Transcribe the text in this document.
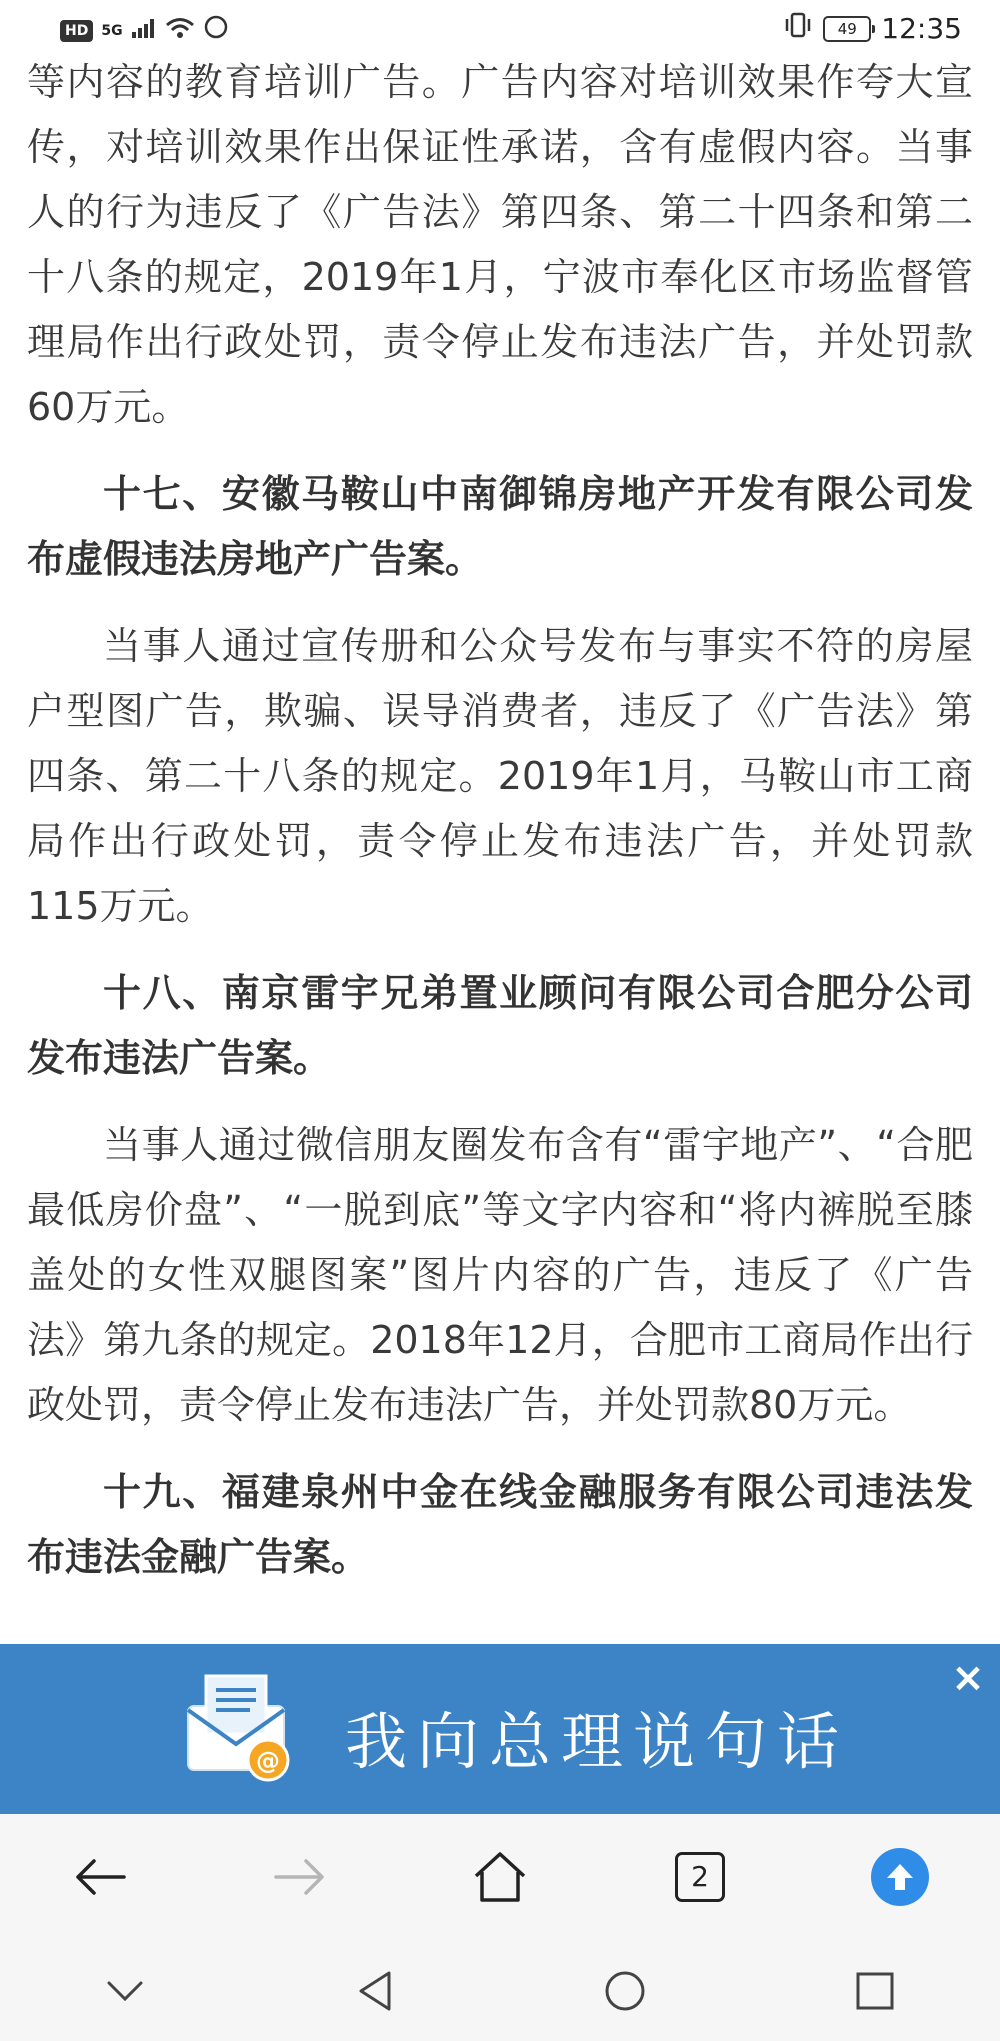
HD 5G	49 12:35

等内容的教育培训广告。广告内容对培训效果作夸大宣传，对培训效果作出保证性承诺，含有虚假内容。当事人的行为违反了《广告法》第四条、第二十四条和第二十八条的规定，2019年1月，宁波市奉化区市场监督管理局作出行政处罚，责令停止发布违法广告，并处罚款60万元。

十七、安徽马鞍山中南御锦房地产开发有限公司发布虚假违法房地产广告案。

当事人通过宣传册和公众号发布与事实不符的房屋户型图广告，欺骗、误导消费者，违反了《广告法》第四条、第二十八条的规定。2019年1月，马鞍山市工商局作出行政处罚，责令停止发布违法广告，并处罚款115万元。

十八、南京雷宇兄弟置业顾问有限公司合肥分公司发布违法广告案。

当事人通过微信朋友圈发布含有“雷宇地产”、“合肥最低房价盘”、“一脱到底”等文字内容和“将内裤脱至膝盖处的女性双腿图案”图片内容的广告，违反了《广告法》第九条的规定。2018年12月，合肥市工商局作出行政处罚，责令停止发布违法广告，并处罚款80万元。

十九、福建泉州中金在线金融服务有限公司违法发布违法金融广告案。

@ 我向总理说句话
×
2
